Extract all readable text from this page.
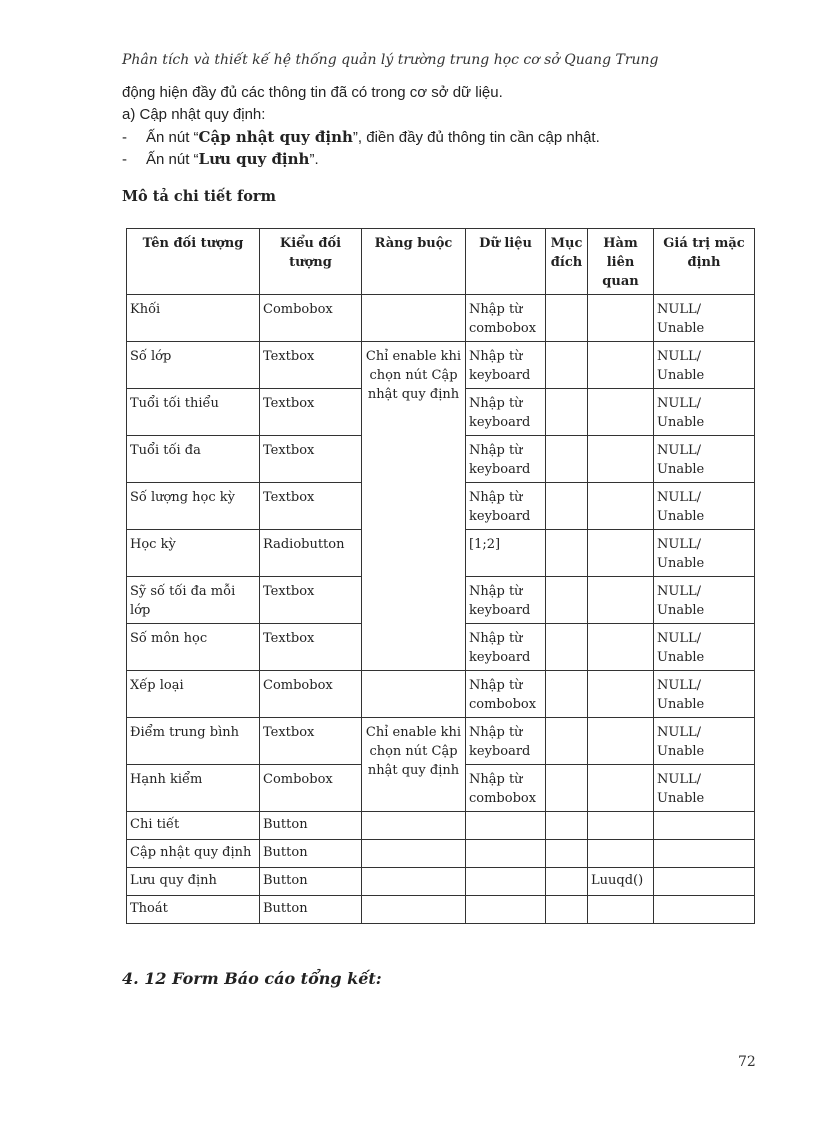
Phân tích và thiết kế hệ thống quản lý trường trung học cơ sở Quang Trung
động hiện đầy đủ các thông tin đã có trong cơ sở dữ liệu.
a) Cập nhật quy định:
- Ấn nút “Cập nhật quy định”, điền đầy đủ thông tin cần cập nhật.
- Ấn nút “Lưu quy định”.
Mô tả chi tiết form
Tên đối tượng	Kiểu đối tượng	Ràng buộc	Dữ liệu	Mục đích	Hàm liên quan	Giá trị mặc định
Khối	Combobox		Nhập từ combobox			NULL/ Unable
Số lớp	Textbox	Chỉ enable khi chọn nút Cập nhật quy định	Nhập từ keyboard			NULL/ Unable
Tuổi tối thiểu	Textbox		Nhập từ keyboard			NULL/ Unable
Tuổi tối đa	Textbox		Nhập từ keyboard			NULL/ Unable
Số lượng học kỳ	Textbox		Nhập từ keyboard			NULL/ Unable
Học kỳ	Radiobutton		[1;2]			NULL/ Unable
Sỹ số tối đa mỗi lớp	Textbox		Nhập từ keyboard			NULL/ Unable
Số môn học	Textbox		Nhập từ keyboard			NULL/ Unable
Xếp loại	Combobox		Nhập từ combobox			NULL/ Unable
Điểm trung bình	Textbox	Chỉ enable khi chọn nút Cập nhật quy định	Nhập từ keyboard			NULL/ Unable
Hạnh kiểm	Combobox		Nhập từ combobox			NULL/ Unable
Chi tiết	Button					
Cập nhật quy định	Button					
Lưu quy định	Button				Luuqd()	
Thoát	Button					
4. 12 Form Báo cáo tổng kết:
72
